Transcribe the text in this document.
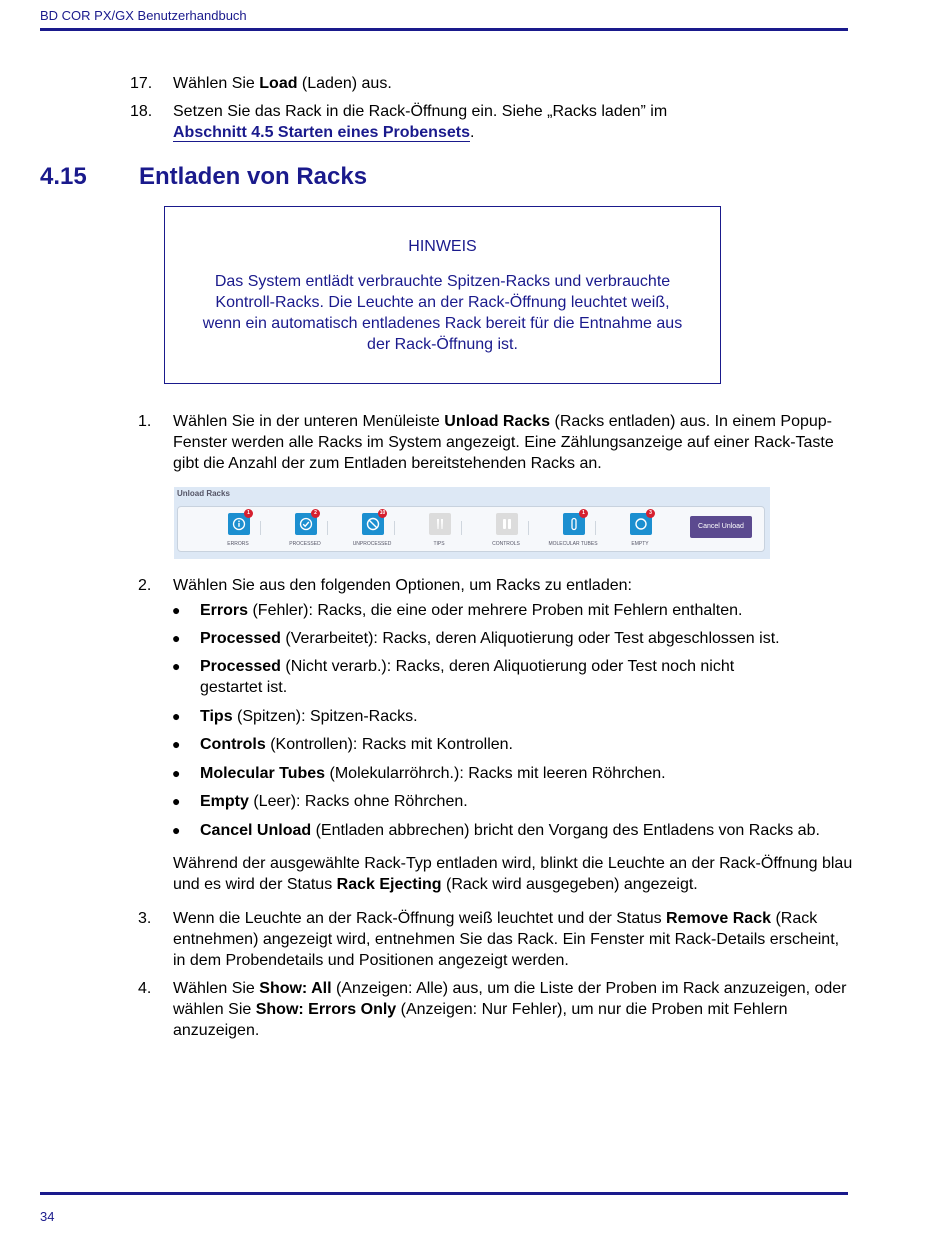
BD COR PX/GX Benutzerhandbuch
17. Wählen Sie Load (Laden) aus.
18. Setzen Sie das Rack in die Rack-Öffnung ein. Siehe „Racks laden” im
Abschnitt 4.5 Starten eines Probensets.
4.15 Entladen von Racks
HINWEIS
Das System entlädt verbrauchte Spitzen-Racks und verbrauchte Kontroll-Racks. Die Leuchte an der Rack-Öffnung leuchtet weiß, wenn ein automatisch entladenes Rack bereit für die Entnahme aus der Rack-Öffnung ist.
1. Wählen Sie in der unteren Menüleiste Unload Racks (Racks entladen) aus. In einem Popup-Fenster werden alle Racks im System angezeigt. Eine Zählungsanzeige auf einer Rack-Taste gibt die Anzahl der zum Entladen bereitstehenden Racks an.
Unload Racks
1
ERRORS
2
PROCESSED
10
UNPROCESSED	TIPS	CONTROLS
1
MOLECULAR TUBES
3
EMPTY
Cancel Unload
2. Wählen Sie aus den folgenden Optionen, um Racks zu entladen:
● Errors (Fehler): Racks, die eine oder mehrere Proben mit Fehlern enthalten.
● Processed (Verarbeitet): Racks, deren Aliquotierung oder Test abgeschlossen ist.
● Processed (Nicht verarb.): Racks, deren Aliquotierung oder Test noch nicht gestartet ist.
● Tips (Spitzen): Spitzen-Racks.
● Controls (Kontrollen): Racks mit Kontrollen.
● Molecular Tubes (Molekularröhrch.): Racks mit leeren Röhrchen.
● Empty (Leer): Racks ohne Röhrchen.
● Cancel Unload (Entladen abbrechen) bricht den Vorgang des Entladens von Racks ab.
Während der ausgewählte Rack-Typ entladen wird, blinkt die Leuchte an der Rack-Öffnung blau und es wird der Status Rack Ejecting (Rack wird ausgegeben) angezeigt.
3. Wenn die Leuchte an der Rack-Öffnung weiß leuchtet und der Status Remove Rack (Rack entnehmen) angezeigt wird, entnehmen Sie das Rack. Ein Fenster mit Rack-Details erscheint, in dem Probendetails und Positionen angezeigt werden.
4. Wählen Sie Show: All (Anzeigen: Alle) aus, um die Liste der Proben im Rack anzuzeigen, oder wählen Sie Show: Errors Only (Anzeigen: Nur Fehler), um nur die Proben mit Fehlern anzuzeigen.
34
